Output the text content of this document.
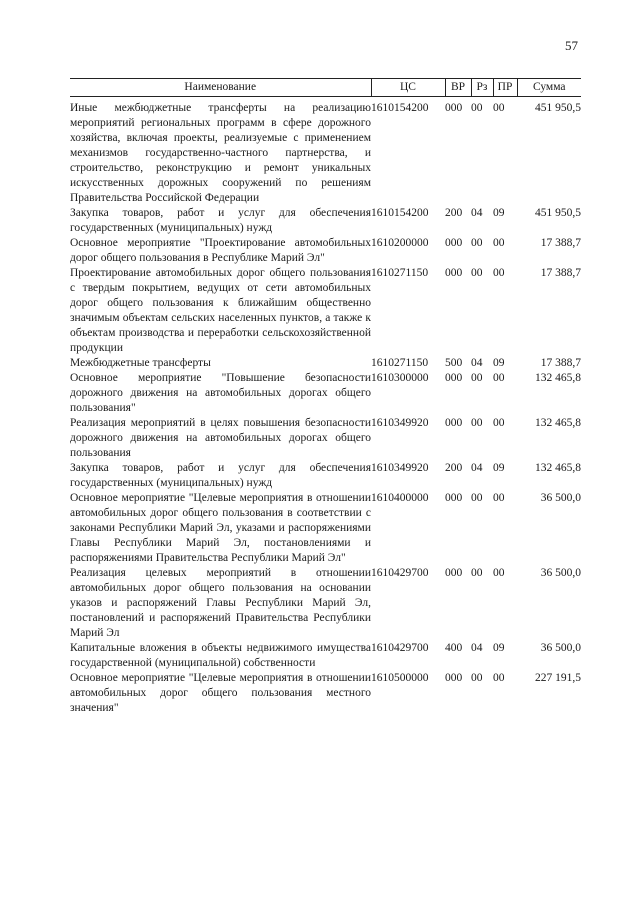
57
Наименование	ЦС	ВР	Рз	ПР	Сумма
Иные межбюджетные трансферты на реализацию мероприятий региональных программ в сфере дорожного хозяйства, включая проекты, реализуемые с применением механизмов государственно-частного партнерства, и строительство, реконструкцию и ремонт уникальных искусственных дорожных сооружений по решениям Правительства Российской Федерации	1610154200	000	00	00	451 950,5
Закупка товаров, работ и услуг для обеспечения государственных (муниципальных) нужд	1610154200	200	04	09	451 950,5
Основное мероприятие "Проектирование автомобильных дорог общего пользования в Республике Марий Эл"	1610200000	000	00	00	17 388,7
Проектирование автомобильных дорог общего пользования с твердым покрытием, ведущих от сети автомобильных дорог общего пользования к ближайшим общественно значимым объектам сельских населенных пунктов, а также к объектам производства и переработки сельскохозяйственной продукции	1610271150	000	00	00	17 388,7
Межбюджетные трансферты	1610271150	500	04	09	17 388,7
Основное мероприятие "Повышение безопасности дорожного движения на автомобильных дорогах общего пользования"	1610300000	000	00	00	132 465,8
Реализация мероприятий в целях повышения безопасности дорожного движения на автомобильных дорогах общего пользования	1610349920	000	00	00	132 465,8
Закупка товаров, работ и услуг для обеспечения государственных (муниципальных) нужд	1610349920	200	04	09	132 465,8
Основное мероприятие "Целевые мероприятия в отношении автомобильных дорог общего пользования в соответствии с законами Республики Марий Эл, указами и распоряжениями Главы Республики Марий Эл, постановлениями и распоряжениями Правительства Республики Марий Эл"	1610400000	000	00	00	36 500,0
Реализация целевых мероприятий в отношении автомобильных дорог общего пользования на основании указов и распоряжений Главы Республики Марий Эл, постановлений и распоряжений Правительства Республики Марий Эл	1610429700	000	00	00	36 500,0
Капитальные вложения в объекты недвижимого имущества государственной (муниципальной) собственности	1610429700	400	04	09	36 500,0
Основное мероприятие "Целевые мероприятия в отношении автомобильных дорог общего пользования местного значения"	1610500000	000	00	00	227 191,5
